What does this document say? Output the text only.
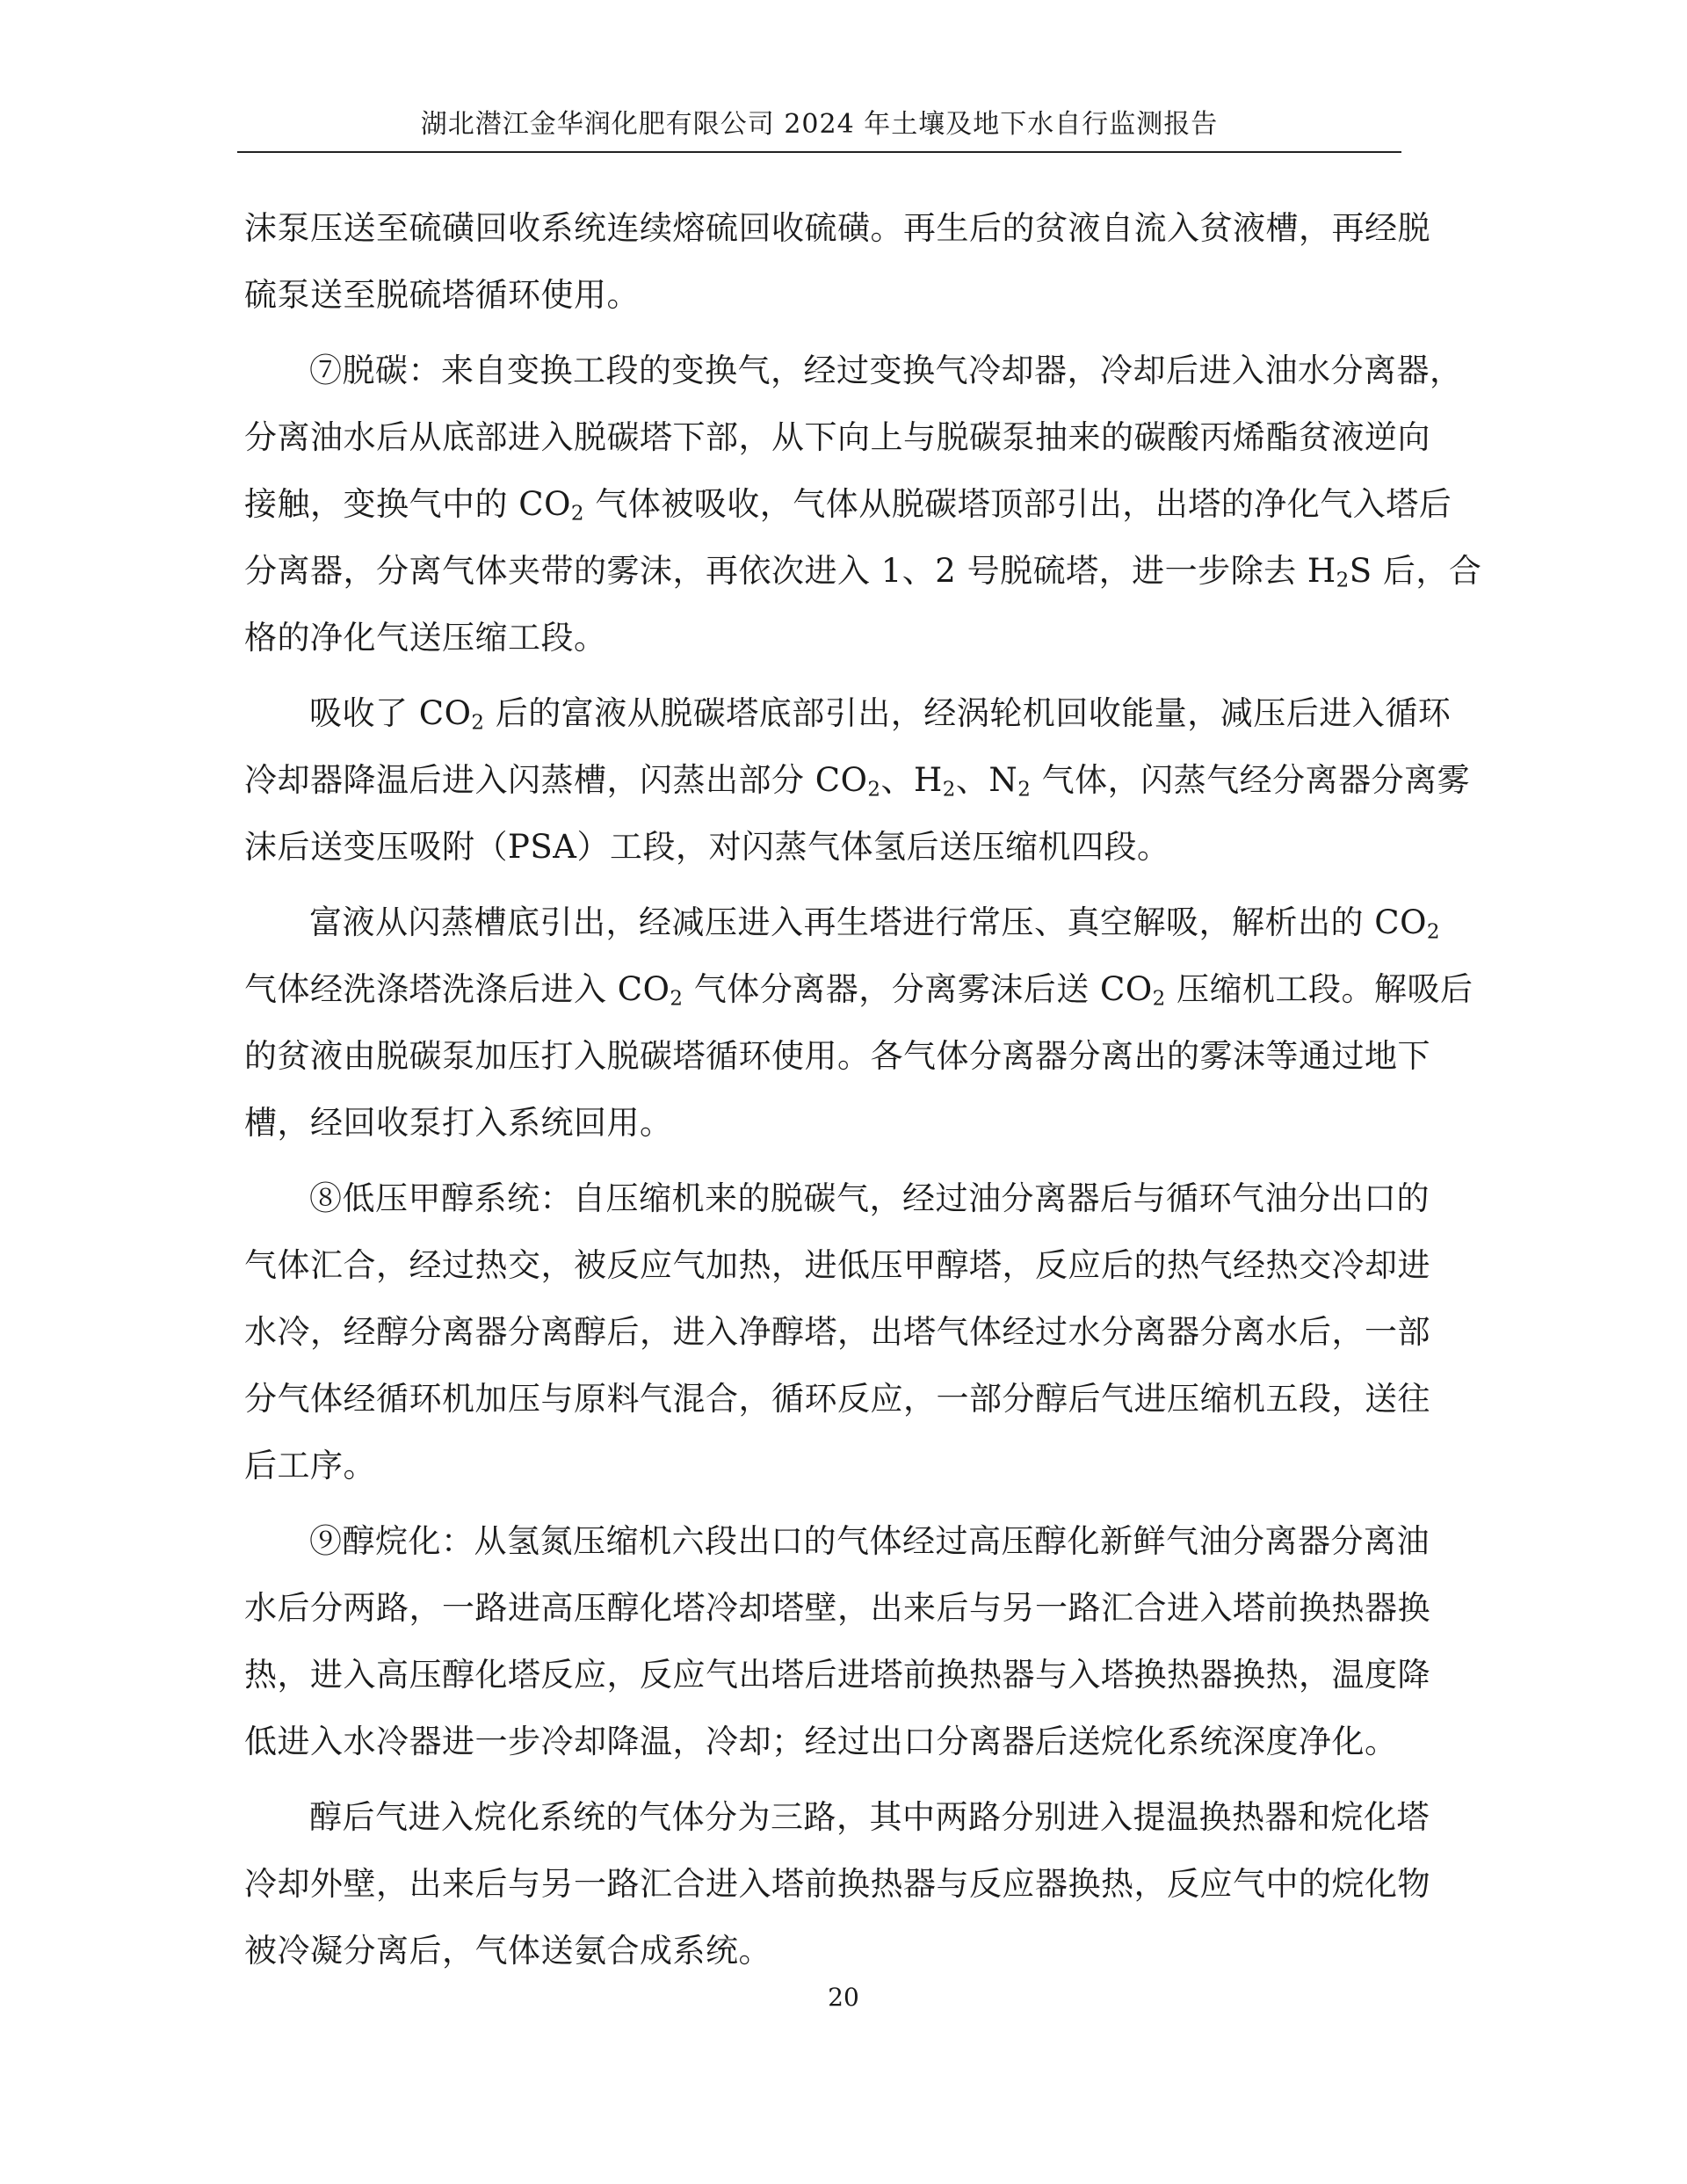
湖北潜江金华润化肥有限公司 2024 年土壤及地下水自行监测报告
沫泵压送至硫磺回收系统连续熔硫回收硫磺。再生后的贫液自流入贫液槽，再经脱
硫泵送至脱硫塔循环使用。
⑦脱碳：来自变换工段的变换气，经过变换气冷却器，冷却后进入油水分离器，
分离油水后从底部进入脱碳塔下部，从下向上与脱碳泵抽来的碳酸丙烯酯贫液逆向
接触，变换气中的 $CO_2$ 气体被吸收，气体从脱碳塔顶部引出，出塔的净化气入塔后
分离器，分离气体夹带的雾沫，再依次进入 1、2 号脱硫塔，进一步除去 $H_2S$ 后，合
格的净化气送压缩工段。
吸收了 $CO_2$ 后的富液从脱碳塔底部引出，经涡轮机回收能量，减压后进入循环
冷却器降温后进入闪蒸槽，闪蒸出部分 $CO_2$、$H_2$、$N_2$ 气体，闪蒸气经分离器分离雾
沫后送变压吸附（PSA）工段，对闪蒸气体氢后送压缩机四段。
富液从闪蒸槽底引出，经减压进入再生塔进行常压、真空解吸，解析出的 $CO_2$
气体经洗涤塔洗涤后进入 $CO_2$ 气体分离器，分离雾沫后送 $CO_2$ 压缩机工段。解吸后
的贫液由脱碳泵加压打入脱碳塔循环使用。各气体分离器分离出的雾沫等通过地下
槽，经回收泵打入系统回用。
⑧低压甲醇系统：自压缩机来的脱碳气，经过油分离器后与循环气油分出口的
气体汇合，经过热交，被反应气加热，进低压甲醇塔，反应后的热气经热交冷却进
水冷，经醇分离器分离醇后，进入净醇塔，出塔气体经过水分离器分离水后，一部
分气体经循环机加压与原料气混合，循环反应，一部分醇后气进压缩机五段，送往
后工序。
⑨醇烷化：从氢氮压缩机六段出口的气体经过高压醇化新鲜气油分离器分离油
水后分两路，一路进高压醇化塔冷却塔壁，出来后与另一路汇合进入塔前换热器换
热，进入高压醇化塔反应，反应气出塔后进塔前换热器与入塔换热器换热，温度降
低进入水冷器进一步冷却降温，冷却；经过出口分离器后送烷化系统深度净化。
醇后气进入烷化系统的气体分为三路，其中两路分别进入提温换热器和烷化塔
冷却外壁，出来后与另一路汇合进入塔前换热器与反应器换热，反应气中的烷化物
被冷凝分离后，气体送氨合成系统。
20
